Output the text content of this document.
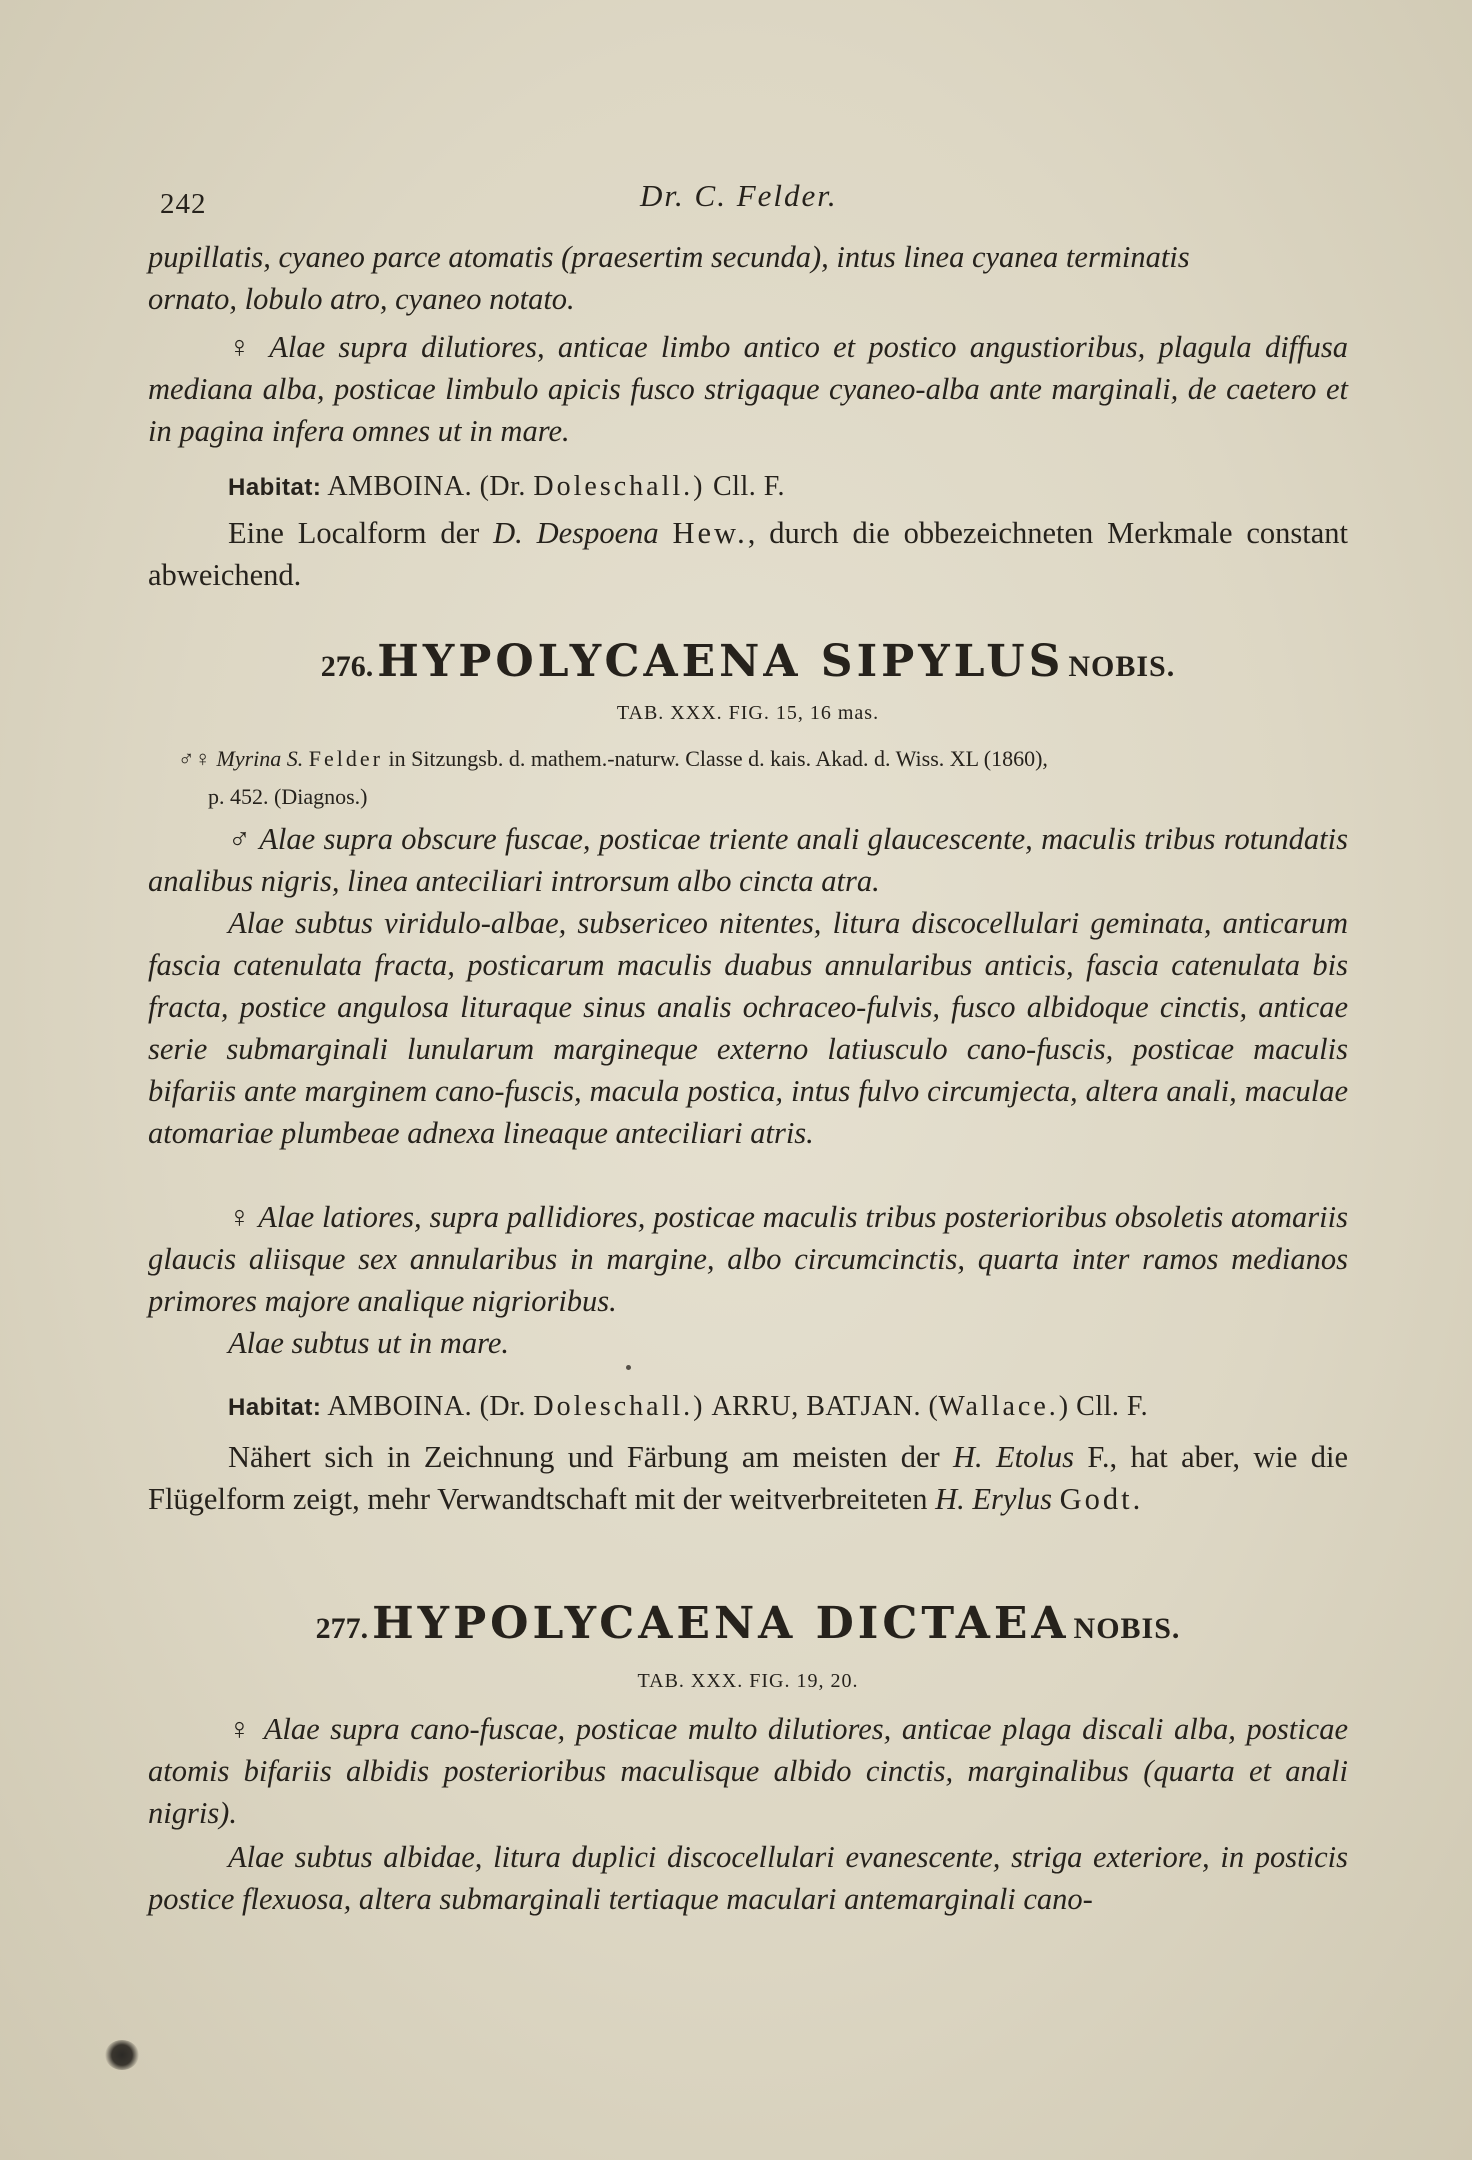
242	Dr. C. Felder.
pupillatis, cyaneo parce atomatis (praesertim secunda), intus linea cyanea terminatis
ornato, lobulo atro, cyaneo notato.
♀ Alae supra dilutiores, anticae limbo antico et postico angustioribus, plagula diffusa mediana alba, posticae limbulo apicis fusco strigaque cyaneo-alba ante marginali, de caetero et in pagina infera omnes ut in mare.
Habitat: AMBOINA. (Dr. Doleschall.) Cll. F.
Eine Localform der D. Despoena Hew., durch die obbezeichneten Merkmale constant abweichend.
276. HYPOLYCAENA SIPYLUS NOBIS.
TAB. XXX. FIG. 15, 16 mas.
♂♀ Myrina S. Felder in Sitzungsb. d. mathem.-naturw. Classe d. kais. Akad. d. Wiss. XL (1860),
p. 452. (Diagnos.)
♂ Alae supra obscure fuscae, posticae triente anali glaucescente, maculis tribus rotundatis analibus nigris, linea anteciliari introrsum albo cincta atra.
Alae subtus viridulo-albae, subsericeo nitentes, litura discocellulari geminata, anticarum fascia catenulata fracta, posticarum maculis duabus annularibus anticis, fascia catenulata bis fracta, postice angulosa lituraque sinus analis ochraceo-fulvis, fusco albidoque cinctis, anticae serie submarginali lunularum margineque externo latiusculo cano-fuscis, posticae maculis bifariis ante marginem cano-fuscis, macula postica, intus fulvo circumjecta, altera anali, maculae atomariae plumbeae adnexa lineaque anteciliari atris.
♀ Alae latiores, supra pallidiores, posticae maculis tribus posterioribus obsoletis atomariis glaucis aliisque sex annularibus in margine, albo circumcinctis, quarta inter ramos medianos primores majore analique nigrioribus.
Alae subtus ut in mare.
Habitat: AMBOINA. (Dr. Doleschall.) ARRU, BATJAN. (Wallace.) Cll. F.
Nähert sich in Zeichnung und Färbung am meisten der H. Etolus F., hat aber, wie die Flügelform zeigt, mehr Verwandtschaft mit der weitverbreiteten H. Erylus Godt.
277. HYPOLYCAENA DICTAEA NOBIS.
TAB. XXX. FIG. 19, 20.
♀ Alae supra cano-fuscae, posticae multo dilutiores, anticae plaga discali alba, posticae atomis bifariis albidis posterioribus maculisque albido cinctis, marginalibus (quarta et anali nigris).
Alae subtus albidae, litura duplici discocellulari evanescente, striga exteriore, in posticis postice flexuosa, altera submarginali tertiaque maculari antemarginali cano-
